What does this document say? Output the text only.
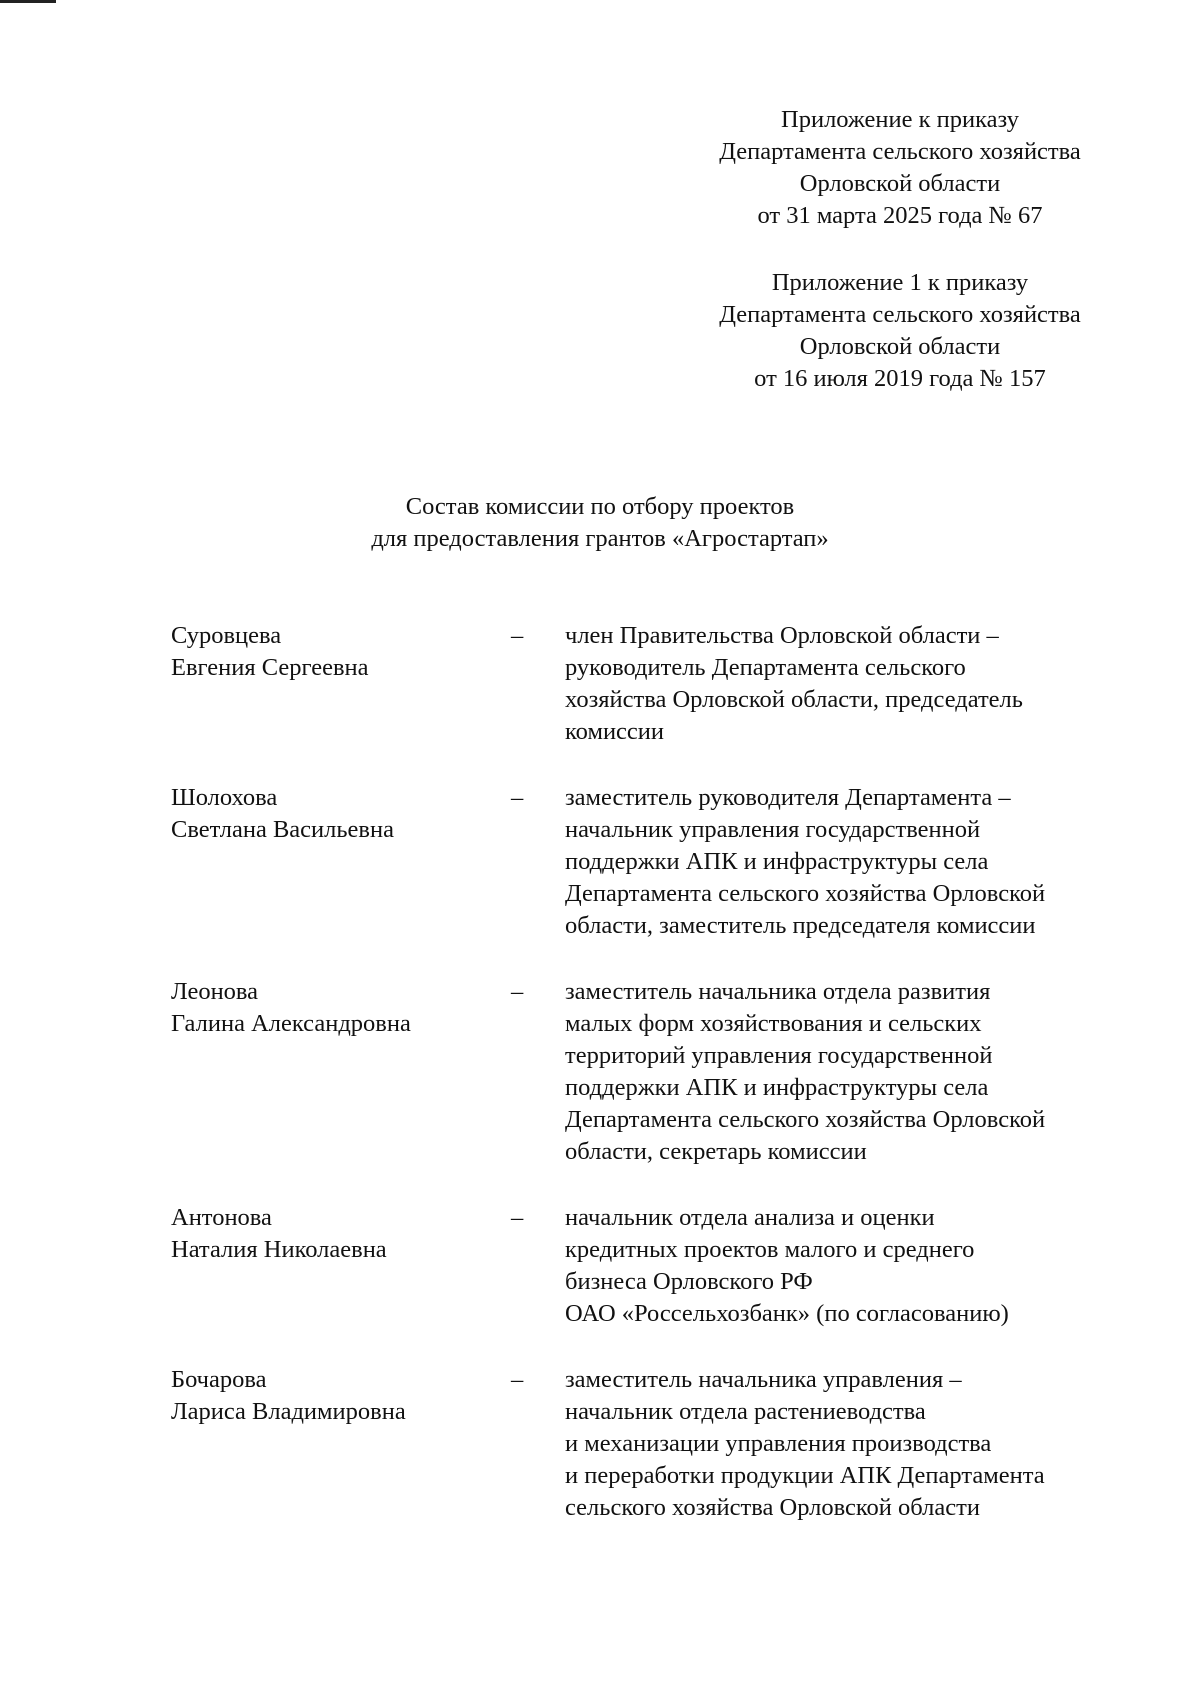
Приложение к приказу
Департамента сельского хозяйства
Орловской области
от 31 марта 2025 года № 67
Приложение 1 к приказу
Департамента сельского хозяйства
Орловской области
от 16 июля 2019 года № 157
Состав комиссии по отбору проектов
для предоставления грантов «Агростартап»
Суровцева
Евгения Сергеевна
–	член Правительства Орловской области –
руководитель Департамента сельского
хозяйства Орловской области, председатель
комиссии
Шолохова
Светлана Васильевна
–	заместитель руководителя Департамента –
начальник управления государственной
поддержки АПК и инфраструктуры села
Департамента сельского хозяйства Орловской
области, заместитель председателя комиссии
Леонова
Галина Александровна
–	заместитель начальника отдела развития
малых форм хозяйствования и сельских
территорий управления государственной
поддержки АПК и инфраструктуры села
Департамента сельского хозяйства Орловской
области, секретарь комиссии
Антонова
Наталия Николаевна
–	начальник отдела анализа и оценки
кредитных проектов малого и среднего
бизнеса Орловского РФ
ОАО «Россельхозбанк» (по согласованию)
Бочарова
Лариса Владимировна
–	заместитель начальника управления –
начальник отдела растениеводства
и механизации управления производства
и переработки продукции АПК Департамента
сельского хозяйства Орловской области
